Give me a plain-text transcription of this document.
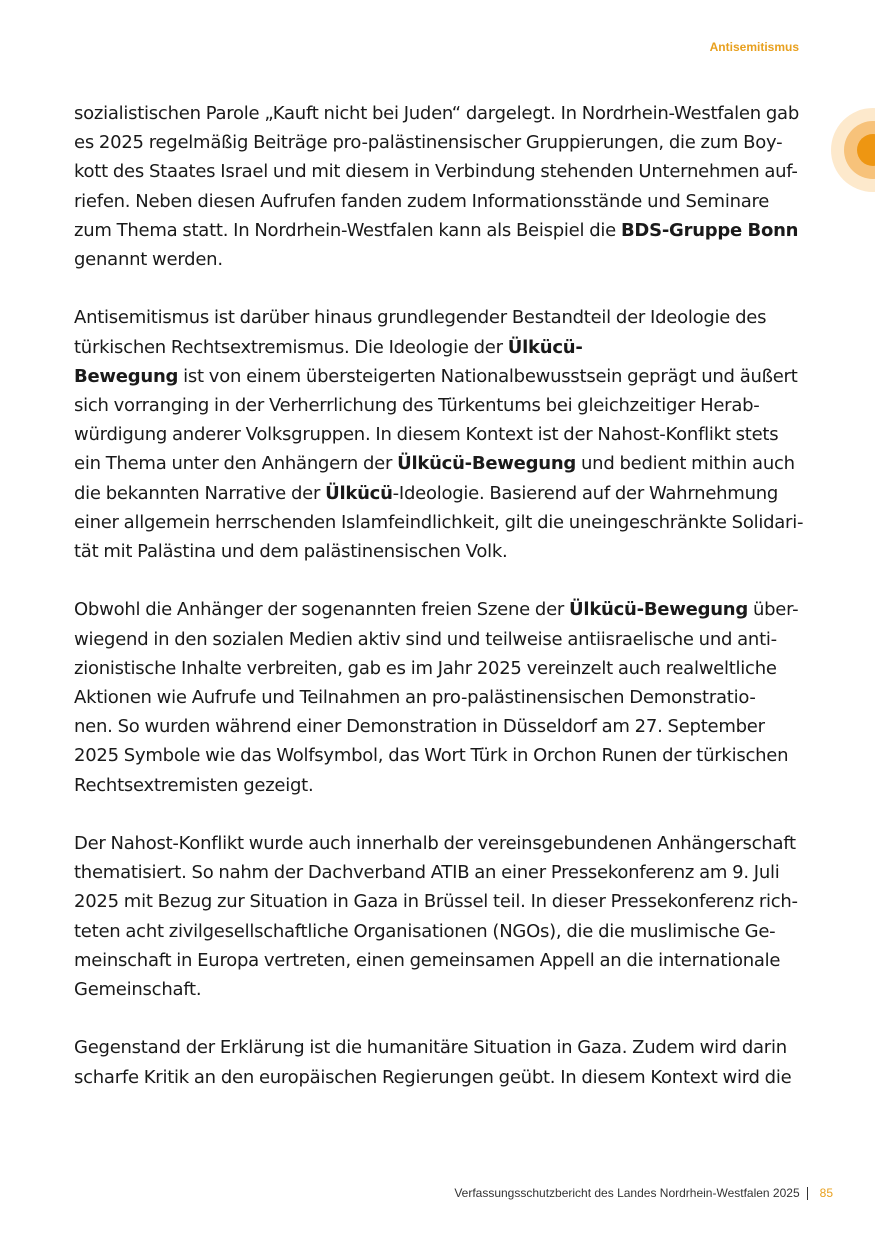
Antisemitismus
sozialistischen Parole „Kauft nicht bei Juden“ dargelegt. In Nordrhein-Westfalen gab
es 2025 regelmäßig Beiträge pro-palästinensischer Gruppierungen, die zum Boy-
kott des Staates Israel und mit diesem in Verbindung stehenden Unternehmen auf-
riefen. Neben diesen Aufrufen fanden zudem Informationsstände und Seminare
zum Thema statt. In Nordrhein-Westfalen kann als Beispiel die BDS-Gruppe Bonn
genannt werden.
Antisemitismus ist darüber hinaus grundlegender Bestandteil der Ideologie des
türkischen Rechtsextremismus. Die Ideologie der Ülkücü-
Bewegung ist von einem übersteigerten Nationalbewusstsein geprägt und äußert
sich vorranging in der Verherrlichung des Türkentums bei gleichzeitiger Herab-
würdigung anderer Volksgruppen. In diesem Kontext ist der Nahost-Konflikt stets
ein Thema unter den Anhängern der Ülkücü-Bewegung und bedient mithin auch
die bekannten Narrative der Ülkücü-Ideologie. Basierend auf der Wahrnehmung
einer allgemein herrschenden Islamfeindlichkeit, gilt die uneingeschränkte Solidari-
tät mit Palästina und dem palästinensischen Volk.
Obwohl die Anhänger der sogenannten freien Szene der Ülkücü-Bewegung über-
wiegend in den sozialen Medien aktiv sind und teilweise antiisraelische und anti-
zionistische Inhalte verbreiten, gab es im Jahr 2025 vereinzelt auch realweltliche
Aktionen wie Aufrufe und Teilnahmen an pro-palästinensischen Demonstratio-
nen. So wurden während einer Demonstration in Düsseldorf am 27. September
2025 Symbole wie das Wolfsymbol, das Wort Türk in Orchon Runen der türkischen
Rechtsextremisten gezeigt.
Der Nahost-Konflikt wurde auch innerhalb der vereinsgebundenen Anhängerschaft
thematisiert. So nahm der Dachverband ATIB an einer Pressekonferenz am 9. Juli
2025 mit Bezug zur Situation in Gaza in Brüssel teil. In dieser Pressekonferenz rich-
teten acht zivilgesellschaftliche Organisationen (NGOs), die die muslimische Ge-
meinschaft in Europa vertreten, einen gemeinsamen Appell an die internationale
Gemeinschaft.
Gegenstand der Erklärung ist die humanitäre Situation in Gaza. Zudem wird darin
scharfe Kritik an den europäischen Regierungen geübt. In diesem Kontext wird die
Verfassungsschutzbericht des Landes Nordrhein-Westfalen 2025 85
